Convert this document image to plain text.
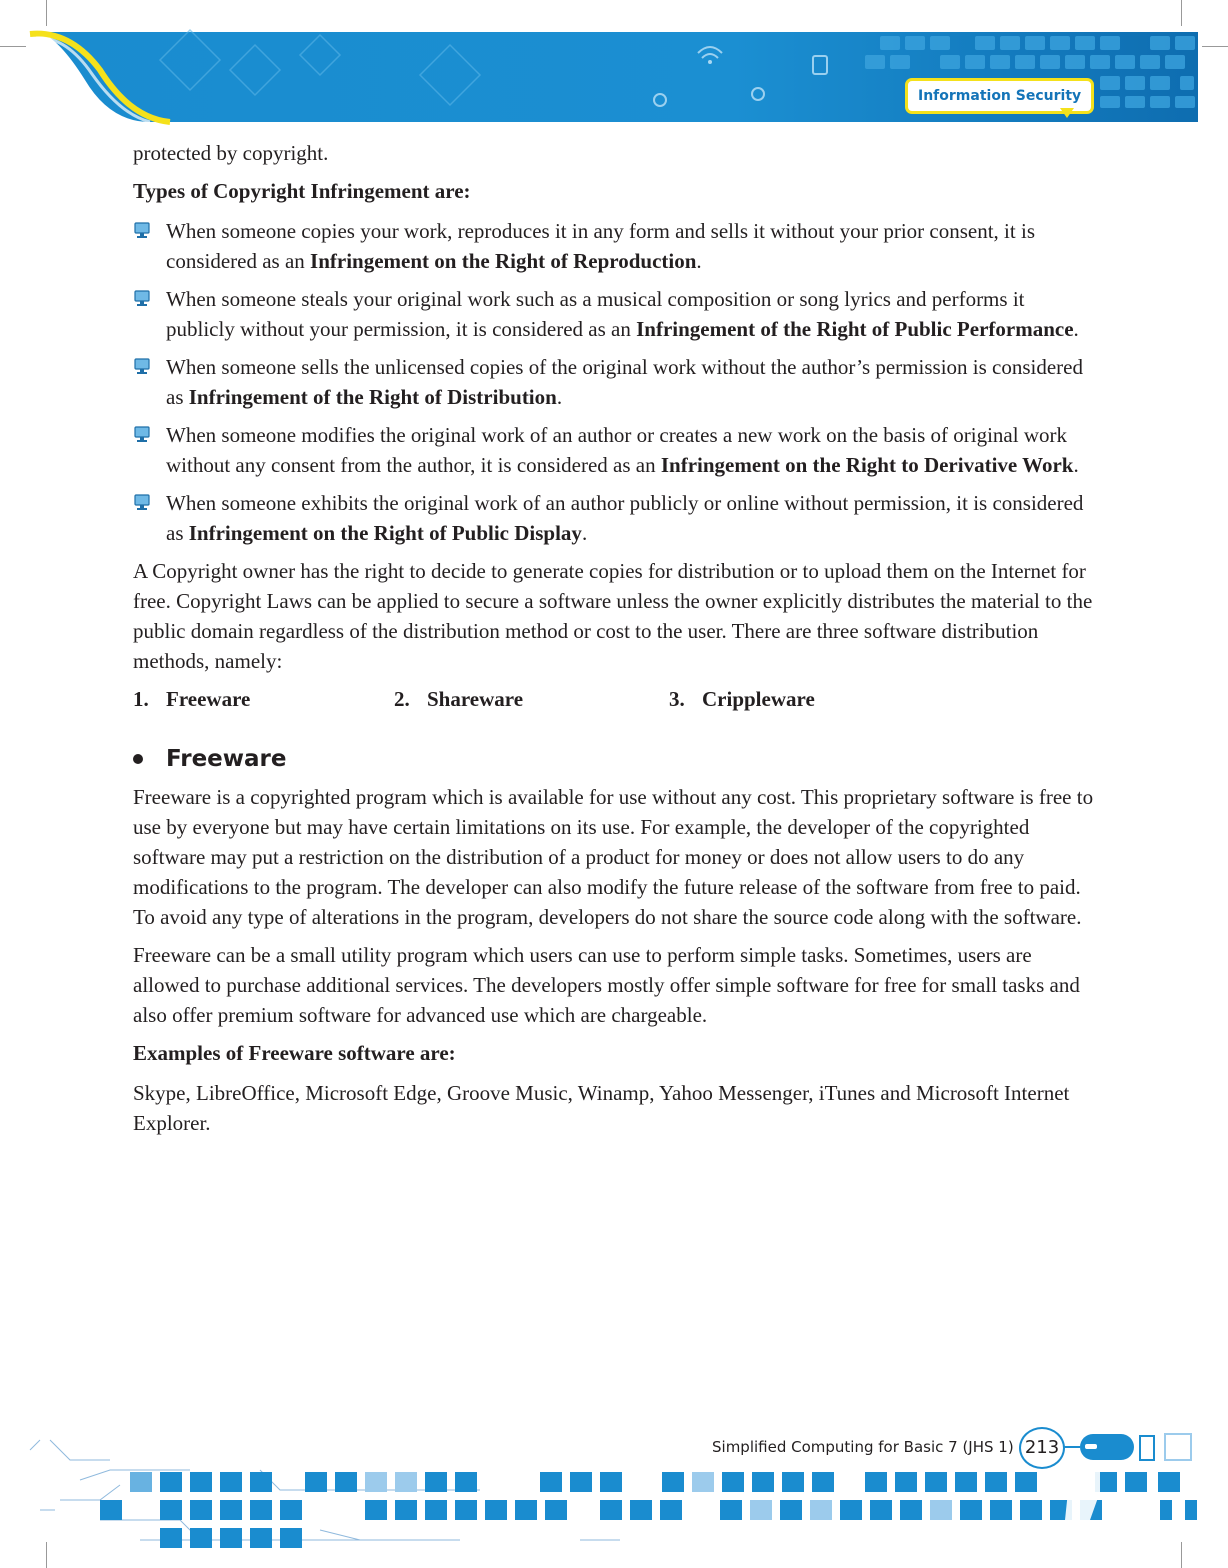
Information Security

protected by copyright.

Types of Copyright Infringement are:

When someone copies your work, reproduces it in any form and sells it without your prior consent, it is considered as an Infringement on the Right of Reproduction.
When someone steals your original work such as a musical composition or song lyrics and performs it publicly without your permission, it is considered as an Infringement of the Right of Public Performance.
When someone sells the unlicensed copies of the original work without the author’s permission is considered as Infringement of the Right of Distribution.
When someone modifies the original work of an author or creates a new work on the basis of original work without any consent from the author, it is considered as an Infringement on the Right to Derivative Work.
When someone exhibits the original work of an author publicly or online without permission, it is considered as Infringement on the Right of Public Display.

A Copyright owner has the right to decide to generate copies for distribution or to upload them on the Internet for free. Copyright Laws can be applied to secure a software unless the owner explicitly distributes the material to the public domain regardless of the distribution method or cost to the user. There are three software distribution methods, namely:

1. Freeware	2. Shareware	3. Crippleware
Freeware

Freeware is a copyrighted program which is available for use without any cost. This proprietary software is free to use by everyone but may have certain limitations on its use. For example, the developer of the copyrighted software may put a restriction on the distribution of a product for money or does not allow users to do any modifications to the program. The developer can also modify the future release of the software from free to paid. To avoid any type of alterations in the program, developers do not share the source code along with the software.

Freeware can be a small utility program which users can use to perform simple tasks. Sometimes, users are allowed to purchase additional services. The developers mostly offer simple software for free for small tasks and also offer premium software for advanced use which are chargeable.

Examples of Freeware software are:

Skype, LibreOffice, Microsoft Edge, Groove Music, Winamp, Yahoo Messenger, iTunes and Microsoft Internet Explorer.

Simplified Computing for Basic 7 (JHS 1) 213
